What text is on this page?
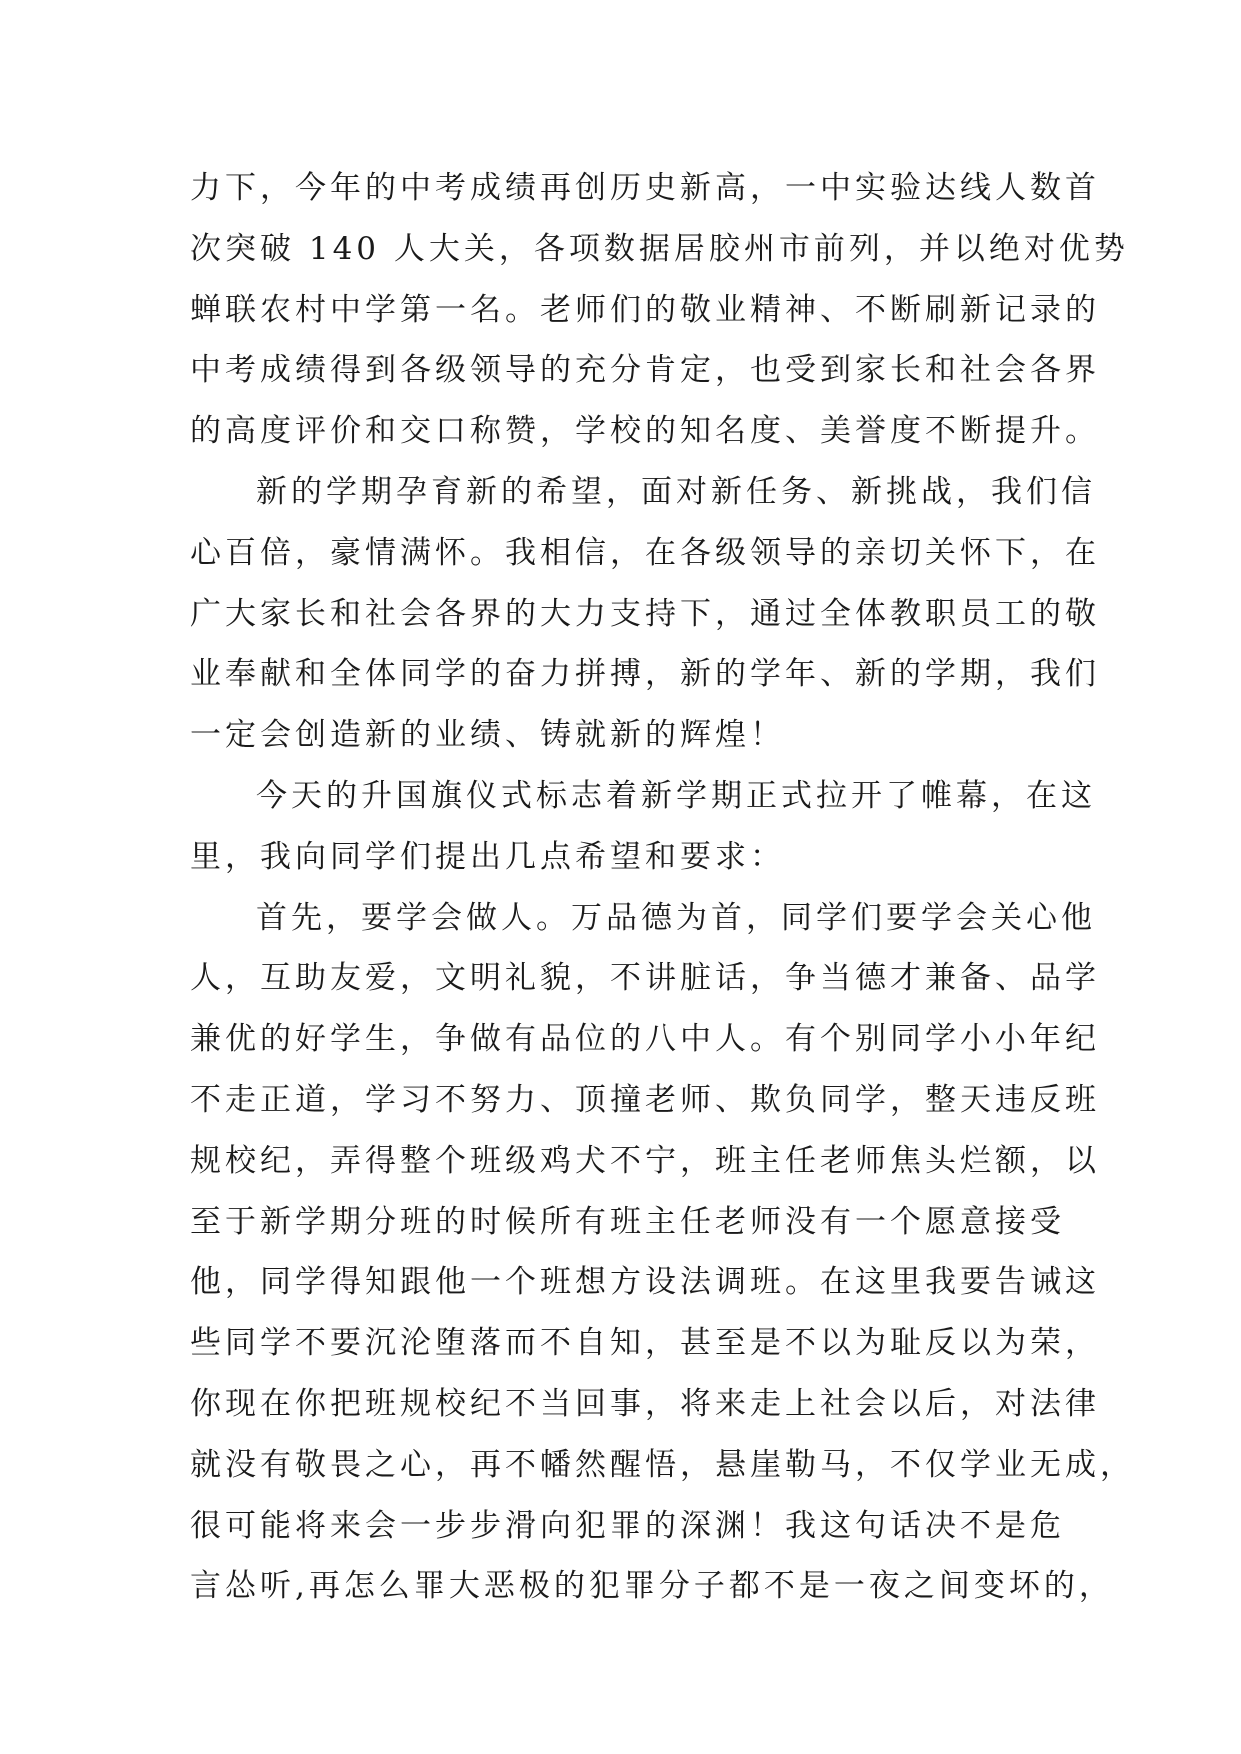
力下，今年的中考成绩再创历史新高，一中实验达线人数首
次突破 140 人大关，各项数据居胶州市前列，并以绝对优势
蝉联农村中学第一名。老师们的敬业精神、不断刷新记录的
中考成绩得到各级领导的充分肯定，也受到家长和社会各界
的高度评价和交口称赞，学校的知名度、美誉度不断提升。
新的学期孕育新的希望，面对新任务、新挑战，我们信
心百倍，豪情满怀。我相信，在各级领导的亲切关怀下，在
广大家长和社会各界的大力支持下，通过全体教职员工的敬
业奉献和全体同学的奋力拼搏，新的学年、新的学期，我们
一定会创造新的业绩、铸就新的辉煌！
今天的升国旗仪式标志着新学期正式拉开了帷幕，在这
里，我向同学们提出几点希望和要求：
首先，要学会做人。万品德为首，同学们要学会关心他
人，互助友爱，文明礼貌，不讲脏话，争当德才兼备、品学
兼优的好学生，争做有品位的八中人。有个别同学小小年纪
不走正道，学习不努力、顶撞老师、欺负同学，整天违反班
规校纪，弄得整个班级鸡犬不宁，班主任老师焦头烂额，以
至于新学期分班的时候所有班主任老师没有一个愿意接受
他，同学得知跟他一个班想方设法调班。在这里我要告诫这
些同学不要沉沦堕落而不自知，甚至是不以为耻反以为荣，
你现在你把班规校纪不当回事，将来走上社会以后，对法律
就没有敬畏之心，再不幡然醒悟，悬崖勒马，不仅学业无成，
很可能将来会一步步滑向犯罪的深渊！我这句话决不是危
言怂听,再怎么罪大恶极的犯罪分子都不是一夜之间变坏的，
